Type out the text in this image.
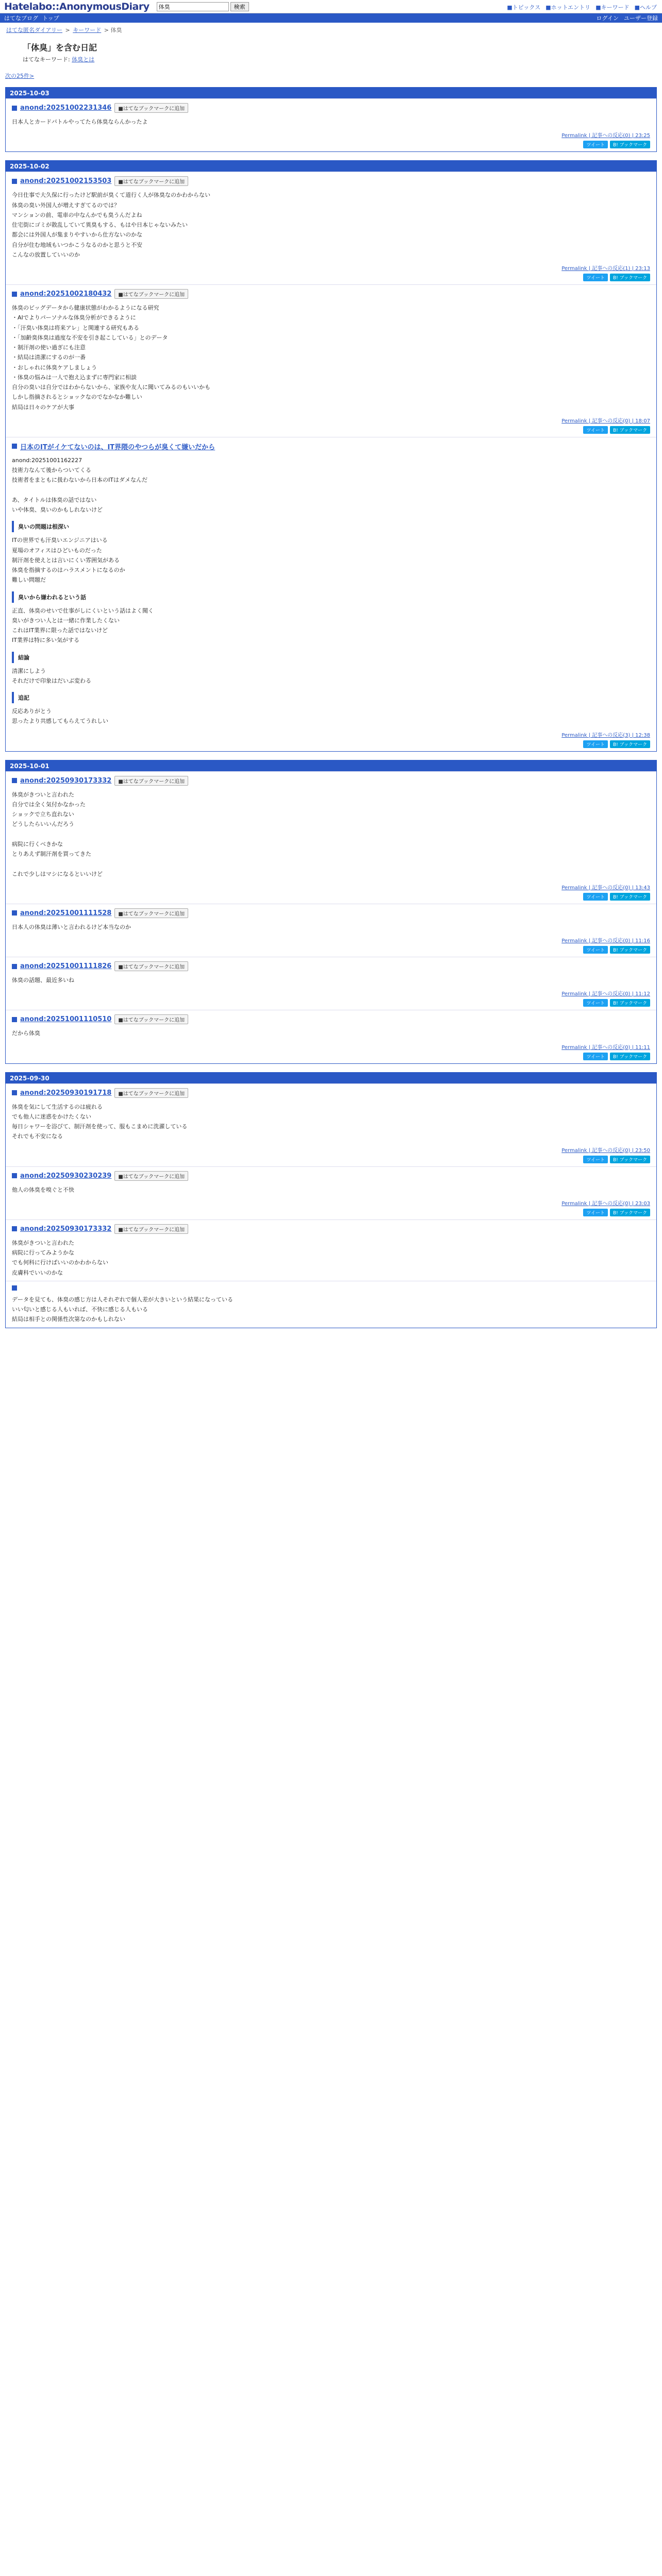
Hatelabo::AnonymousDiary
体臭	検索	■トピックス ■ホットエントリ ■キーワード ■ヘルプ
はてなブログ トップ	ログイン ユーザー登録
はてな匿名ダイアリー > キーワード > 体臭
「体臭」を含む日記
はてなキーワード: 体臭とは
次の25件>
2025-10-03
anond:20251002231346	■はてなブックマークに追加

日本人とカードバトルやってたら体臭ならんかったよ

Permalink | 記事への反応(0) | 23:25
ツイート	B! ブックマーク
2025-10-02
anond:20251002153503	■はてなブックマークに追加

今日仕事で大久保に行ったけど駅前が臭くて道行く人が体臭なのかわからない

体臭の臭い外国人が増えすぎてるのでは？

マンションの前、電車の中なんかでも臭うんだよね

住宅街にゴミが散乱していて異臭もする、もはや日本じゃないみたい

都会には外国人が集まりやすいから仕方ないのかな

自分が住む地域もいつかこうなるのかと思うと不安

こんなの放置していいのか

Permalink | 記事への反応(1) | 23:13
ツイート	B! ブックマーク
anond:20251002180432	■はてなブックマークに追加

体臭のビッグデータから健康状態がわかるようになる研究

・AIでよりパーソナルな体臭分析ができるように

・「汗臭い体臭は将来アレ」と関連する研究もある

・「加齢臭体臭は過度な不安を引き起こしている」とのデータ

・制汗剤の使い過ぎにも注意

・結局は清潔にするのが一番

・おしゃれに体臭ケアしましょう

・体臭の悩みは一人で抱え込まずに専門家に相談

自分の臭いは自分ではわからないから、家族や友人に聞いてみるのもいいかも

しかし指摘されるとショックなのでなかなか難しい

結局は日々のケアが大事

Permalink | 記事への反応(0) | 18:07
ツイート	B! ブックマーク
日本のITがイケてないのは、IT界隈のやつらが臭くて嫌いだから

anond:20251001162227

技術力なんて後からついてくる

技術者をまともに扱わないから日本のITはダメなんだ

あ、タイトルは体臭の話ではない

いや体臭、臭いのかもしれないけど

臭いの問題は根深い

ITの世界でも汗臭いエンジニアはいる

夏場のオフィスはひどいものだった

制汗剤を使えとは言いにくい雰囲気がある

体臭を指摘するのはハラスメントになるのか

難しい問題だ

臭いから嫌われるという話

正直、体臭のせいで仕事がしにくいという話はよく聞く

臭いがきつい人とは一緒に作業したくない

これはIT業界に限った話ではないけど

IT業界は特に多い気がする

結論

清潔にしよう

それだけで印象はだいぶ変わる

追記

反応ありがとう

思ったより共感してもらえてうれしい

Permalink | 記事への反応(3) | 12:38
ツイート	B! ブックマーク
2025-10-01
anond:20250930173332	■はてなブックマークに追加

体臭がきついと言われた

自分では全く気付かなかった

ショックで立ち直れない

どうしたらいいんだろう

病院に行くべきかな

とりあえず制汗剤を買ってきた

これで少しはマシになるといいけど

Permalink | 記事への反応(0) | 13:43
ツイート	B! ブックマーク
anond:20251001111528	■はてなブックマークに追加

日本人の体臭は薄いと言われるけど本当なのか

Permalink | 記事への反応(0) | 11:16
ツイート	B! ブックマーク
anond:20251001111826	■はてなブックマークに追加

体臭の話題、最近多いね

Permalink | 記事への反応(0) | 11:12
ツイート	B! ブックマーク
anond:20251001110510	■はてなブックマークに追加

だから体臭

Permalink | 記事への反応(0) | 11:11
ツイート	B! ブックマーク
2025-09-30
anond:20250930191718	■はてなブックマークに追加

体臭を気にして生活するのは疲れる

でも他人に迷惑をかけたくない

毎日シャワーを浴びて、制汗剤を使って、服もこまめに洗濯している

それでも不安になる

Permalink | 記事への反応(0) | 23:50
ツイート	B! ブックマーク
anond:20250930230239	■はてなブックマークに追加

他人の体臭を嗅ぐと不快

Permalink | 記事への反応(0) | 23:03
ツイート	B! ブックマーク
anond:20250930173332	■はてなブックマークに追加

体臭がきついと言われた

病院に行ってみようかな

でも何科に行けばいいのかわからない

皮膚科でいいのかな

データを見ても、体臭の感じ方は人それぞれで個人差が大きいという結果になっている

いい匂いと感じる人もいれば、不快に感じる人もいる

結局は相手との関係性次第なのかもしれない
